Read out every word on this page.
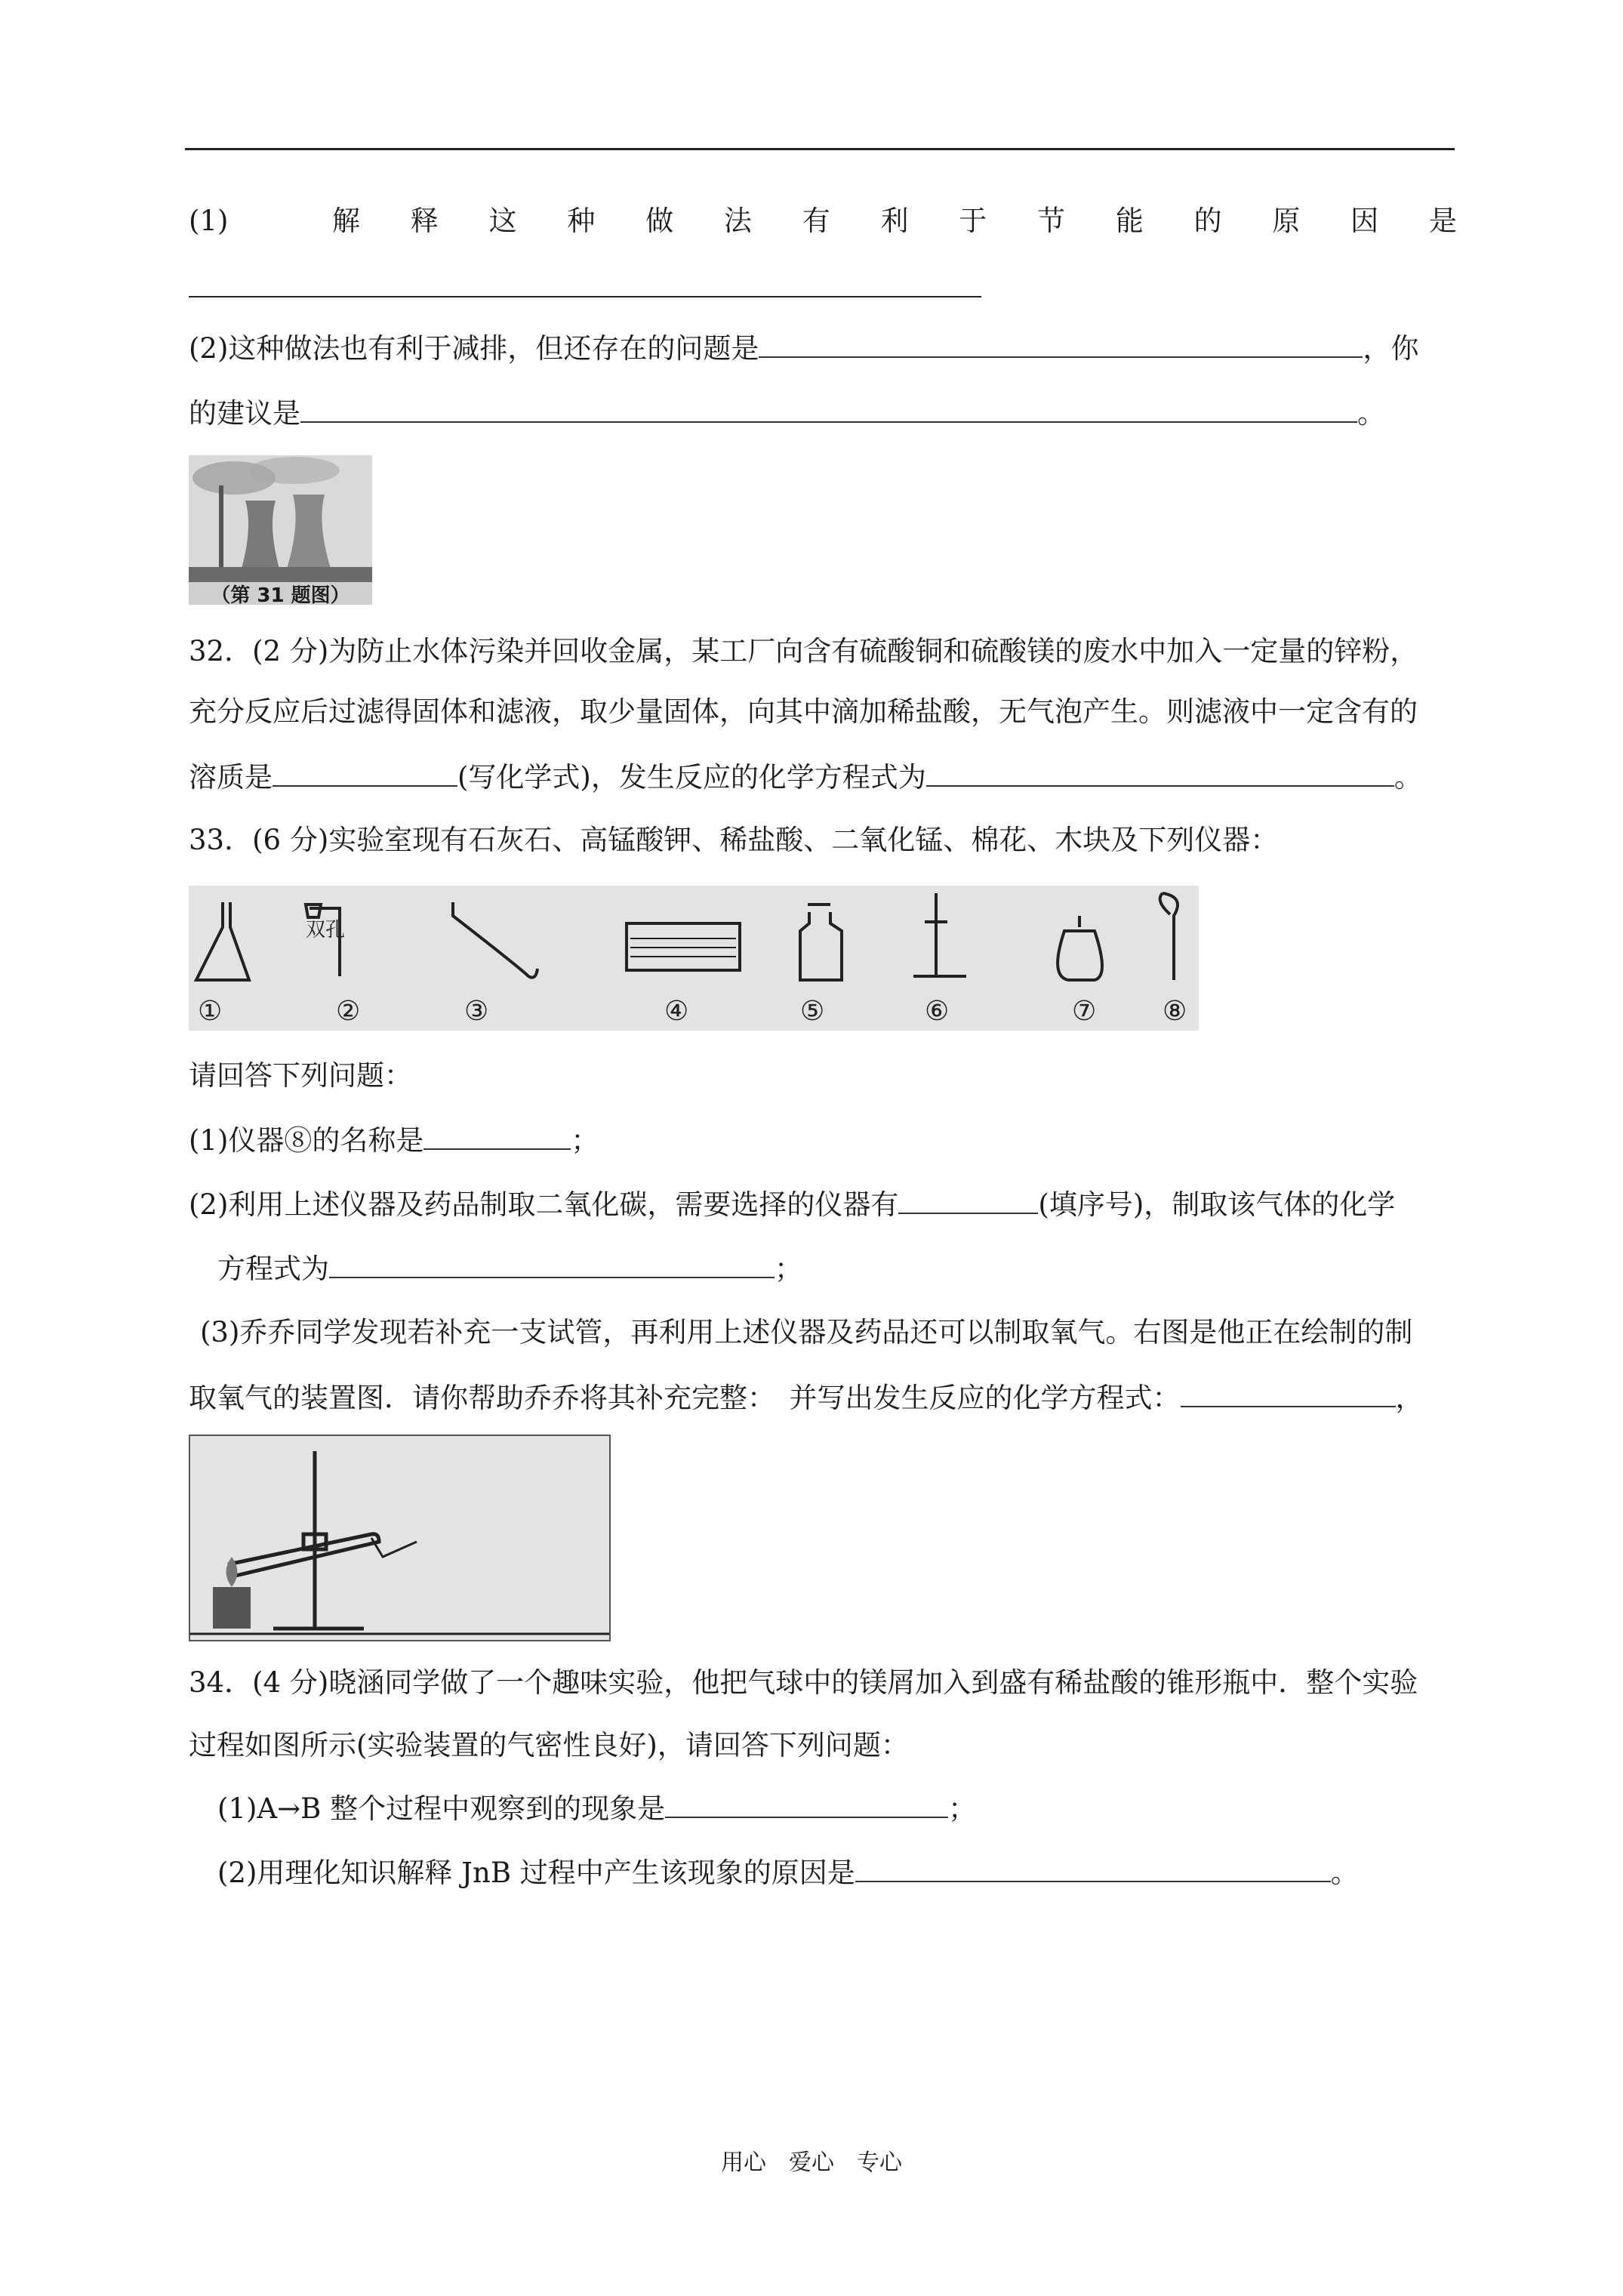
(1)	解 释 这 种 做 法 有 利 于 节 能 的 原 因 是
(2)这种做法也有利于减排，但还存在的问题是	，你
的建议是	。
（第 31 题图）
32．(2 分)为防止水体污染并回收金属，某工厂向含有硫酸铜和硫酸镁的废水中加入一定量的锌粉，
充分反应后过滤得固体和滤液，取少量固体，向其中滴加稀盐酸，无气泡产生。则滤液中一定含有的
溶质是	(写化学式)，发生反应的化学方程式为	。
33．(6 分)实验室现有石灰石、高锰酸钾、稀盐酸、二氧化锰、棉花、木块及下列仪器：
①	②	③	④	⑤	⑥	⑦ ⑧
双孔
请回答下列问题：
(1)仪器⑧的名称是	；
(2)利用上述仪器及药品制取二氧化碳，需要选择的仪器有	(填序号)，制取该气体的化学
方程式为	；
(3)乔乔同学发现若补充一支试管，再利用上述仪器及药品还可以制取氧气。右图是他正在绘制的制
取氧气的装置图．请你帮助乔乔将其补充完整：　并写出发生反应的化学方程式：	，
34．(4 分)晓涵同学做了一个趣味实验，他把气球中的镁屑加入到盛有稀盐酸的锥形瓶中．整个实验
过程如图所示(实验装置的气密性良好)，请回答下列问题：
(1)A→B 整个过程中观察到的现象是	；
(2)用理化知识解释 JnB 过程中产生该现象的原因是	。
用心　爱心　专心
